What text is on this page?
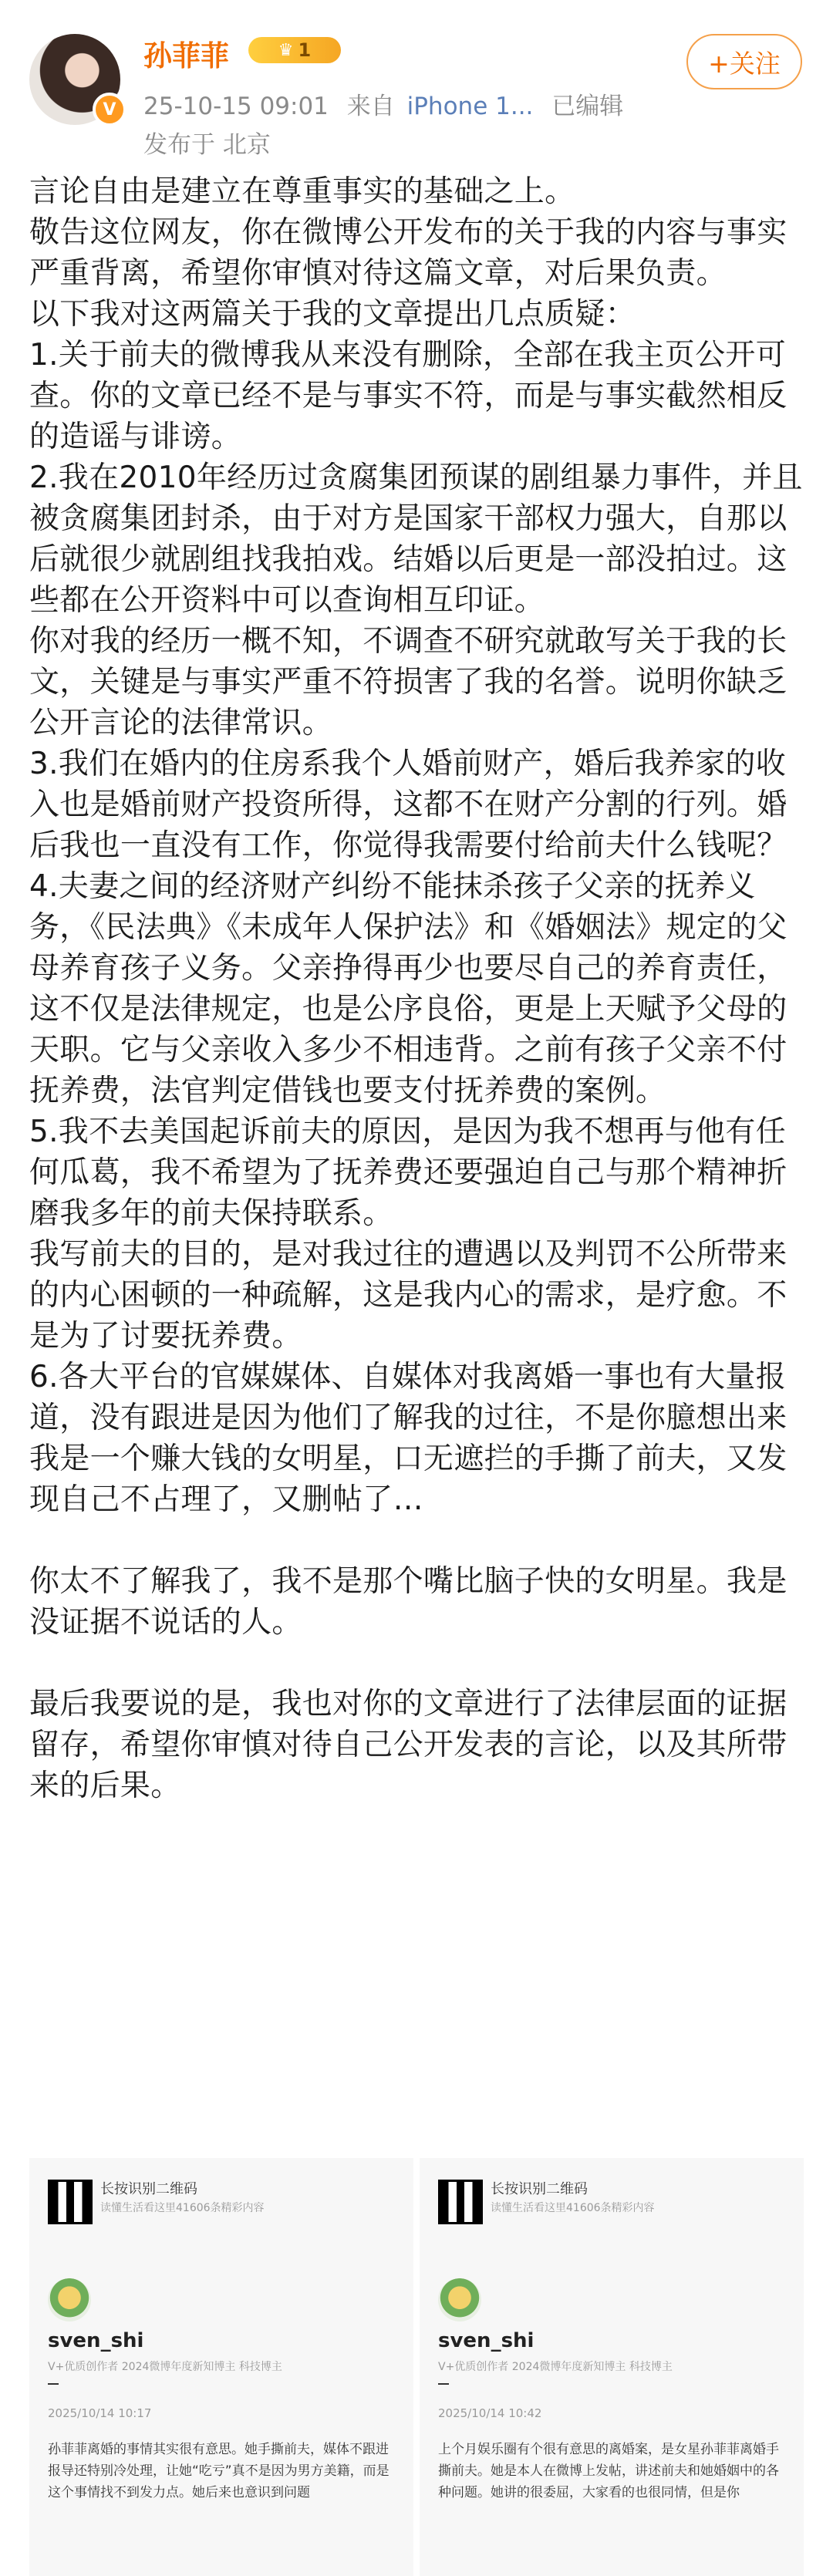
V
孙菲菲	♛ 1
25-10-15 09:01 来自 iPhone 1... 已编辑
发布于 北京
+关注

言论自由是建立在尊重事实的基础之上。

敬告这位网友，你在微博公开发布的关于我的内容与事实严重背离，希望你审慎对待这篇文章，对后果负责。

以下我对这两篇关于我的文章提出几点质疑：

1.关于前夫的微博我从来没有删除，全部在我主页公开可查。你的文章已经不是与事实不符，而是与事实截然相反的造谣与诽谤。

2.我在2010年经历过贪腐集团预谋的剧组暴力事件，并且被贪腐集团封杀，由于对方是国家干部权力强大，自那以后就很少就剧组找我拍戏。结婚以后更是一部没拍过。这些都在公开资料中可以查询相互印证。

你对我的经历一概不知，不调查不研究就敢写关于我的长文，关键是与事实严重不符损害了我的名誉。说明你缺乏公开言论的法律常识。

3.我们在婚内的住房系我个人婚前财产，婚后我养家的收入也是婚前财产投资所得，这都不在财产分割的行列。婚后我也一直没有工作，你觉得我需要付给前夫什么钱呢？

4.夫妻之间的经济财产纠纷不能抹杀孩子父亲的抚养义务，《民法典》《未成年人保护法》和《婚姻法》规定的父母养育孩子义务。父亲挣得再少也要尽自己的养育责任，这不仅是法律规定，也是公序良俗，更是上天赋予父母的天职。它与父亲收入多少不相违背。之前有孩子父亲不付抚养费，法官判定借钱也要支付抚养费的案例。

5.我不去美国起诉前夫的原因，是因为我不想再与他有任何瓜葛，我不希望为了抚养费还要强迫自己与那个精神折磨我多年的前夫保持联系。

我写前夫的目的，是对我过往的遭遇以及判罚不公所带来的内心困顿的一种疏解，这是我内心的需求，是疗愈。不是为了讨要抚养费。

6.各大平台的官媒媒体、自媒体对我离婚一事也有大量报道，没有跟进是因为他们了解我的过往，不是你臆想出来我是一个赚大钱的女明星，口无遮拦的手撕了前夫，又发现自己不占理了，又删帖了…

你太不了解我了，我不是那个嘴比脑子快的女明星。我是没证据不说话的人。

最后我要说的是，我也对你的文章进行了法律层面的证据留存，希望你审慎对待自己公开发表的言论，以及其所带来的后果。

长按识别二维码
读懂生活看这里41606条精彩内容
sven_shi
V+优质创作者 2024微博年度新知博主 科技博主
2025/10/14 10:17
孙菲菲离婚的事情其实很有意思。她手撕前夫，媒体不跟进报导还特别冷处理，让她“吃亏”真不是因为男方美籍，而是这个事情找不到发力点。她后来也意识到问题
长按识别二维码
读懂生活看这里41606条精彩内容
sven_shi
V+优质创作者 2024微博年度新知博主 科技博主
2025/10/14 10:42
上个月娱乐圈有个很有意思的离婚案，是女星孙菲菲离婚手撕前夫。她是本人在微博上发帖，讲述前夫和她婚姻中的各种问题。她讲的很委屈，大家看的也很同情，但是你
